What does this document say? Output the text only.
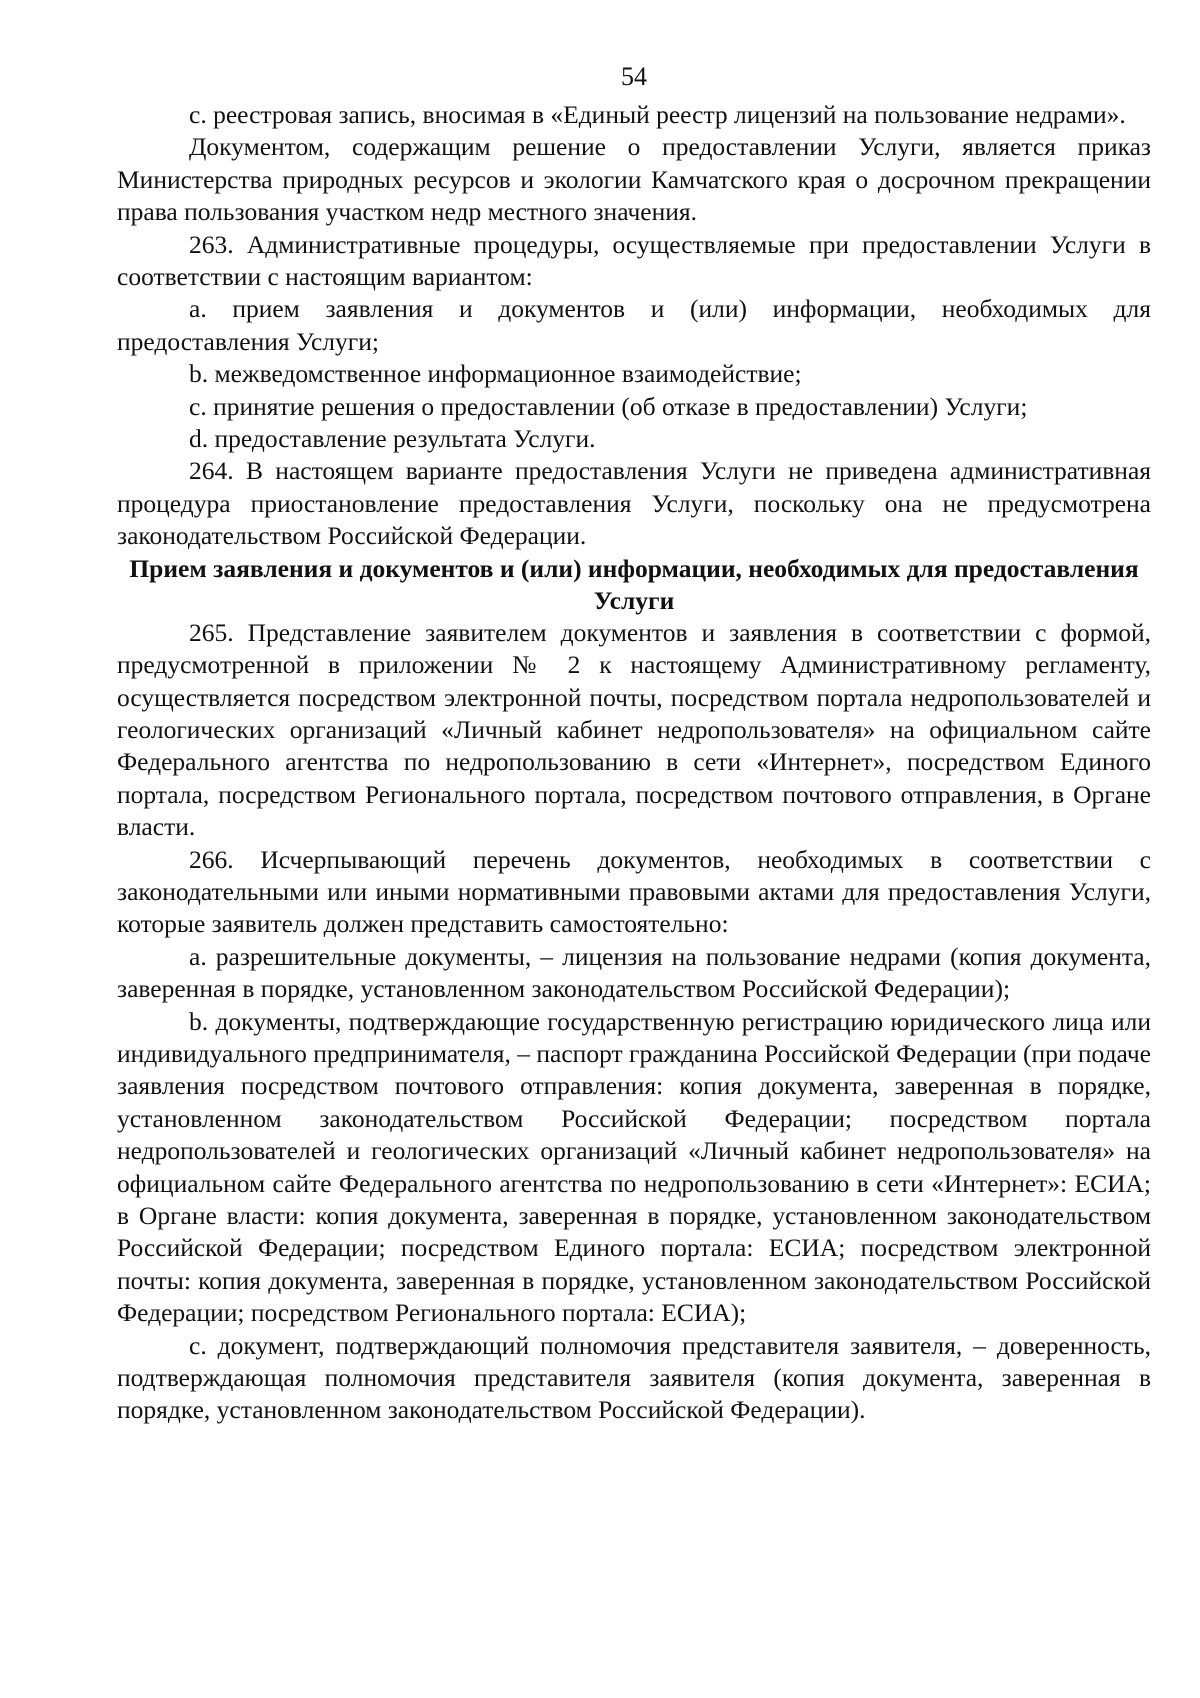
54

c. реестровая запись, вносимая в «Единый реестр лицензий на пользование недрами».

Документом, содержащим решение о предоставлении Услуги, является приказ Министерства природных ресурсов и экологии Камчатского края о досрочном прекращении права пользования участком недр местного значения.

263. Административные процедуры, осуществляемые при предоставлении Услуги в соответствии с настоящим вариантом:

a. прием заявления и документов и (или) информации, необходимых для предоставления Услуги;

b. межведомственное информационное взаимодействие;

c. принятие решения о предоставлении (об отказе в предоставлении) Услуги;

d. предоставление результата Услуги.

264. В настоящем варианте предоставления Услуги не приведена административная процедура приостановление предоставления Услуги, поскольку она не предусмотрена законодательством Российской Федерации.

Прием заявления и документов и (или) информации, необходимых для предоставления Услуги

265. Представление заявителем документов и заявления в соответствии с формой, предусмотренной в приложении № 2 к настоящему Административному регламенту, осуществляется посредством электронной почты, посредством портала недропользователей и геологических организаций «Личный кабинет недропользователя» на официальном сайте Федерального агентства по недропользованию в сети «Интернет», посредством Единого портала, посредством Регионального портала, посредством почтового отправления, в Органе власти.

266. Исчерпывающий перечень документов, необходимых в соответствии с законодательными или иными нормативными правовыми актами для предоставления Услуги, которые заявитель должен представить самостоятельно:

a. разрешительные документы, – лицензия на пользование недрами (копия документа, заверенная в порядке, установленном законодательством Российской Федерации);

b. документы, подтверждающие государственную регистрацию юридического лица или индивидуального предпринимателя, – паспорт гражданина Российской Федерации (при подаче заявления посредством почтового отправления: копия документа, заверенная в порядке, установленном законодательством Российской Федерации; посредством портала недропользователей и геологических организаций «Личный кабинет недропользователя» на официальном сайте Федерального агентства по недропользованию в сети «Интернет»: ЕСИА; в Органе власти: копия документа, заверенная в порядке, установленном законодательством Российской Федерации; посредством Единого портала: ЕСИА; посредством электронной почты: копия документа, заверенная в порядке, установленном законодательством Российской Федерации; посредством Регионального портала: ЕСИА);

c. документ, подтверждающий полномочия представителя заявителя, – доверенность, подтверждающая полномочия представителя заявителя (копия документа, заверенная в порядке, установленном законодательством Российской Федерации).
